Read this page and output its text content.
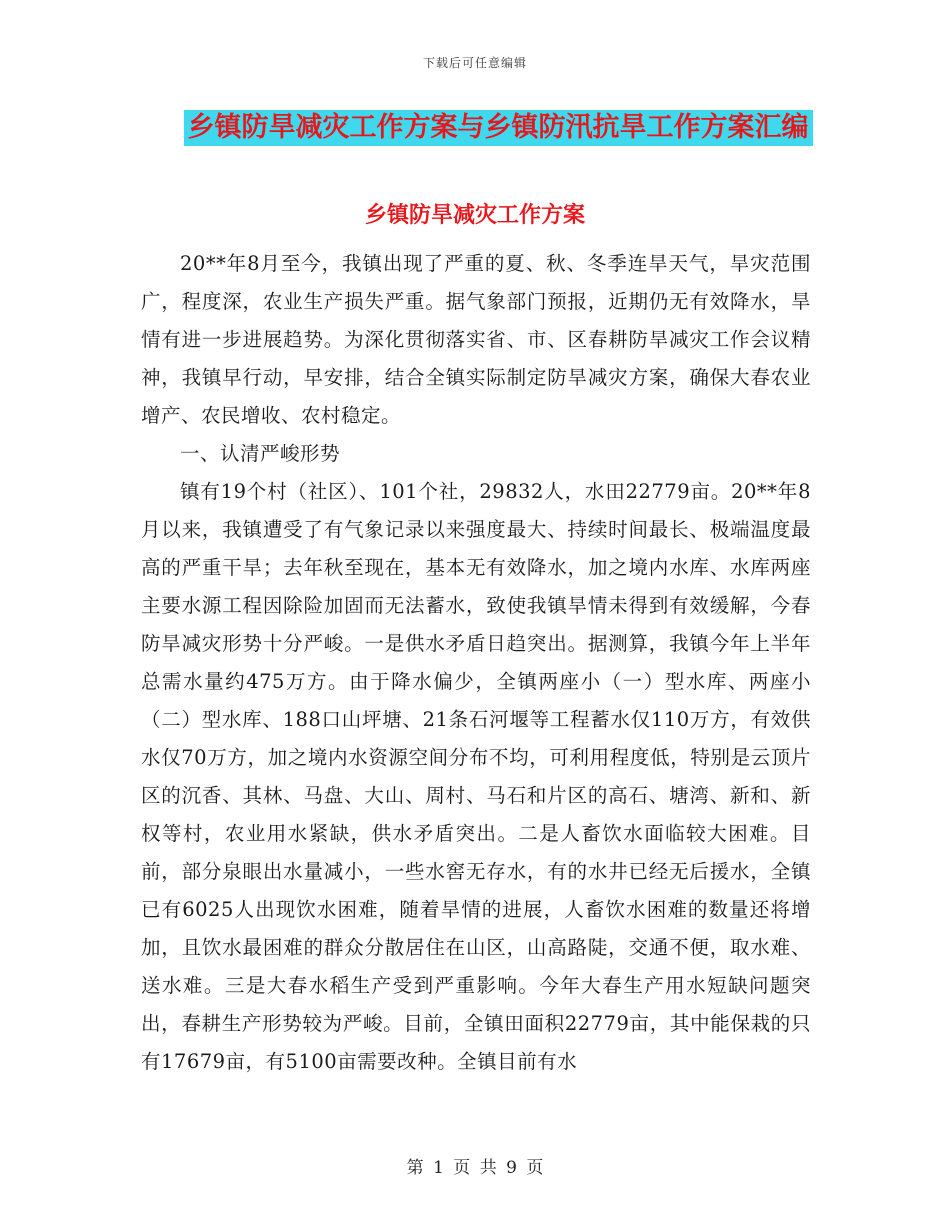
下载后可任意编辑
乡镇防旱减灾工作方案与乡镇防汛抗旱工作方案汇编
乡镇防旱减灾工作方案

20**年8月至今，我镇出现了严重的夏、秋、冬季连旱天气，旱灾范围广，程度深，农业生产损失严重。据气象部门预报，近期仍无有效降水，旱情有进一步进展趋势。为深化贯彻落实省、市、区春耕防旱减灾工作会议精神，我镇早行动，早安排，结合全镇实际制定防旱减灾方案，确保大春农业增产、农民增收、农村稳定。

一、认清严峻形势

镇有19个村（社区）、101个社，29832人，水田22779亩。20**年8月以来，我镇遭受了有气象记录以来强度最大、持续时间最长、极端温度最高的严重干旱；去年秋至现在，基本无有效降水，加之境内水库、水库两座主要水源工程因除险加固而无法蓄水，致使我镇旱情未得到有效缓解，今春防旱减灾形势十分严峻。一是供水矛盾日趋突出。据测算，我镇今年上半年总需水量约475万方。由于降水偏少，全镇两座小（一）型水库、两座小（二）型水库、188口山坪塘、21条石河堰等工程蓄水仅110万方，有效供水仅70万方，加之境内水资源空间分布不均，可利用程度低，特别是云顶片区的沉香、其林、马盘、大山、周村、马石和片区的高石、塘湾、新和、新权等村，农业用水紧缺，供水矛盾突出。二是人畜饮水面临较大困难。目前，部分泉眼出水量减小，一些水窖无存水，有的水井已经无后援水，全镇已有6025人出现饮水困难，随着旱情的进展，人畜饮水困难的数量还将增加，且饮水最困难的群众分散居住在山区，山高路陡，交通不便，取水难、送水难。三是大春水稻生产受到严重影响。今年大春生产用水短缺问题突出，春耕生产形势较为严峻。目前，全镇田面积22779亩，其中能保栽的只有17679亩，有5100亩需要改种。全镇目前有水

第 1 页 共 9 页
